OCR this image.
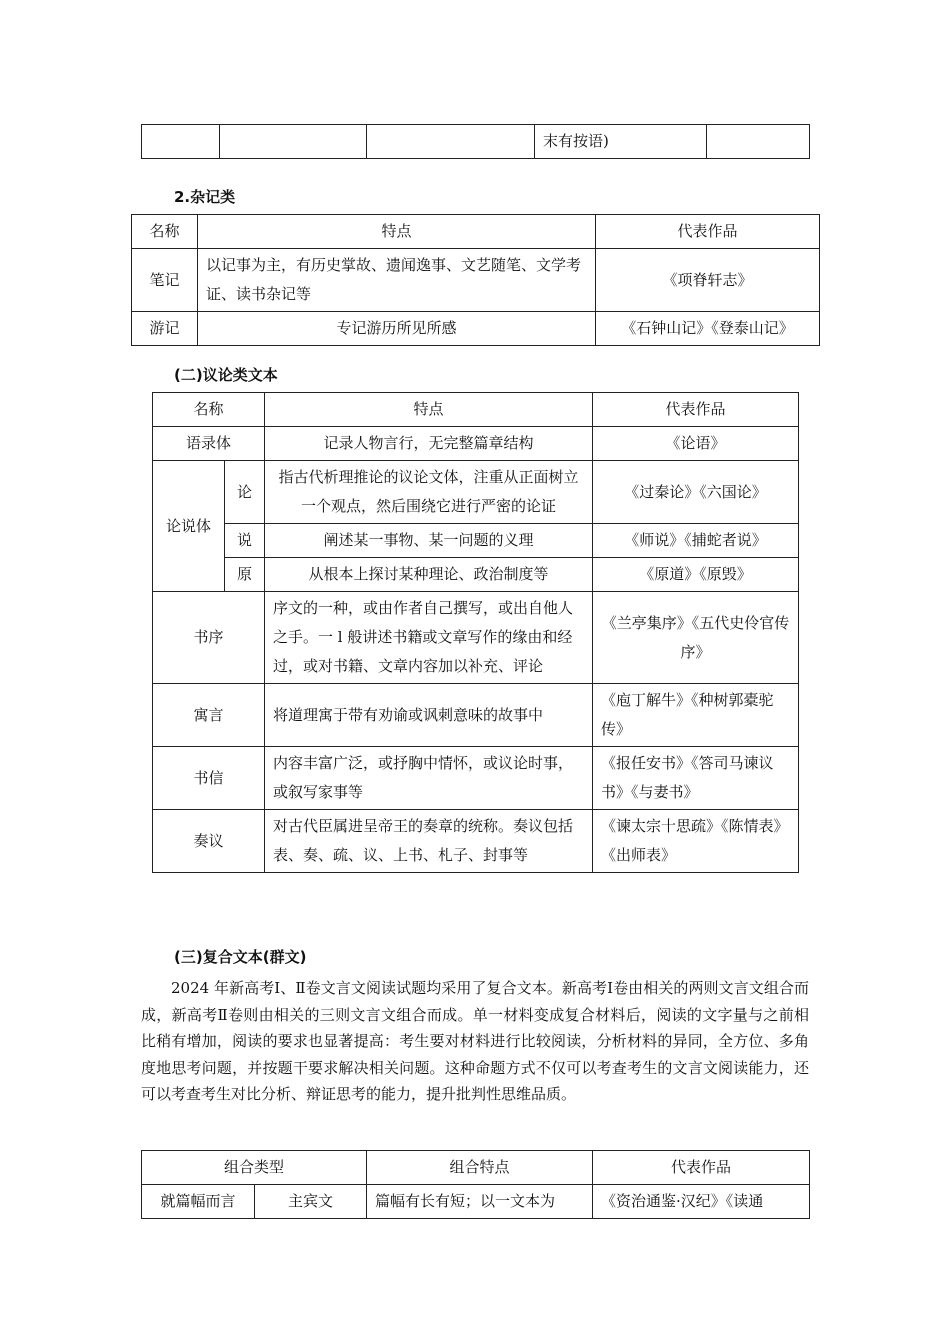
			末有按语)	
2.杂记类
名称	特点	代表作品
笔记	以记事为主，有历史掌故、遗闻逸事、文艺随笔、文学考证、读书杂记等	《项脊轩志》
游记	专记游历所见所感	《石钟山记》《登泰山记》
(二)议论类文本
名称		特点	代表作品
语录体		记录人物言行，无完整篇章结构	《论语》
论说体	论	指古代析理推论的议论文体，注重从正面树立一个观点，然后围绕它进行严密的论证	《过秦论》《六国论》
	说	阐述某一事物、某一问题的义理	《师说》《捕蛇者说》
	原	从根本上探讨某种理论、政治制度等	《原道》《原毁》
书序		序文的一种，或由作者自己撰写，或出自他人之手。一 l 般讲述书籍或文章写作的缘由和经过，或对书籍、文章内容加以补充、评论	《兰亭集序》《五代史伶官传序》
寓言		将道理寓于带有劝谕或讽刺意味的故事中	《庖丁解牛》《种树郭橐驼传》
书信		内容丰富广泛，或抒胸中情怀，或议论时事，或叙写家事等	《报任安书》《答司马谏议书》《与妻书》
奏议		对古代臣属进呈帝王的奏章的统称。奏议包括表、奏、疏、议、上书、札子、封事等	《谏太宗十思疏》《陈情表》《出师表》
(三)复合文本(群文)

2024 年新高考Ⅰ、Ⅱ卷文言文阅读试题均采用了复合文本。新高考Ⅰ卷由相关的两则文言文组合而成，新高考Ⅱ卷则由相关的三则文言文组合而成。单一材料变成复合材料后，阅读的文字量与之前相比稍有增加，阅读的要求也显著提高：考生要对材料进行比较阅读，分析材料的异同，全方位、多角度地思考问题，并按题干要求解决相关问题。这种命题方式不仅可以考查考生的文言文阅读能力，还可以考查考生对比分析、辩证思考的能力，提升批判性思维品质。

组合类型		组合特点	代表作品
就篇幅而言	主宾文	篇幅有长有短；以一文本为	《资治通鉴·汉纪》《读通
